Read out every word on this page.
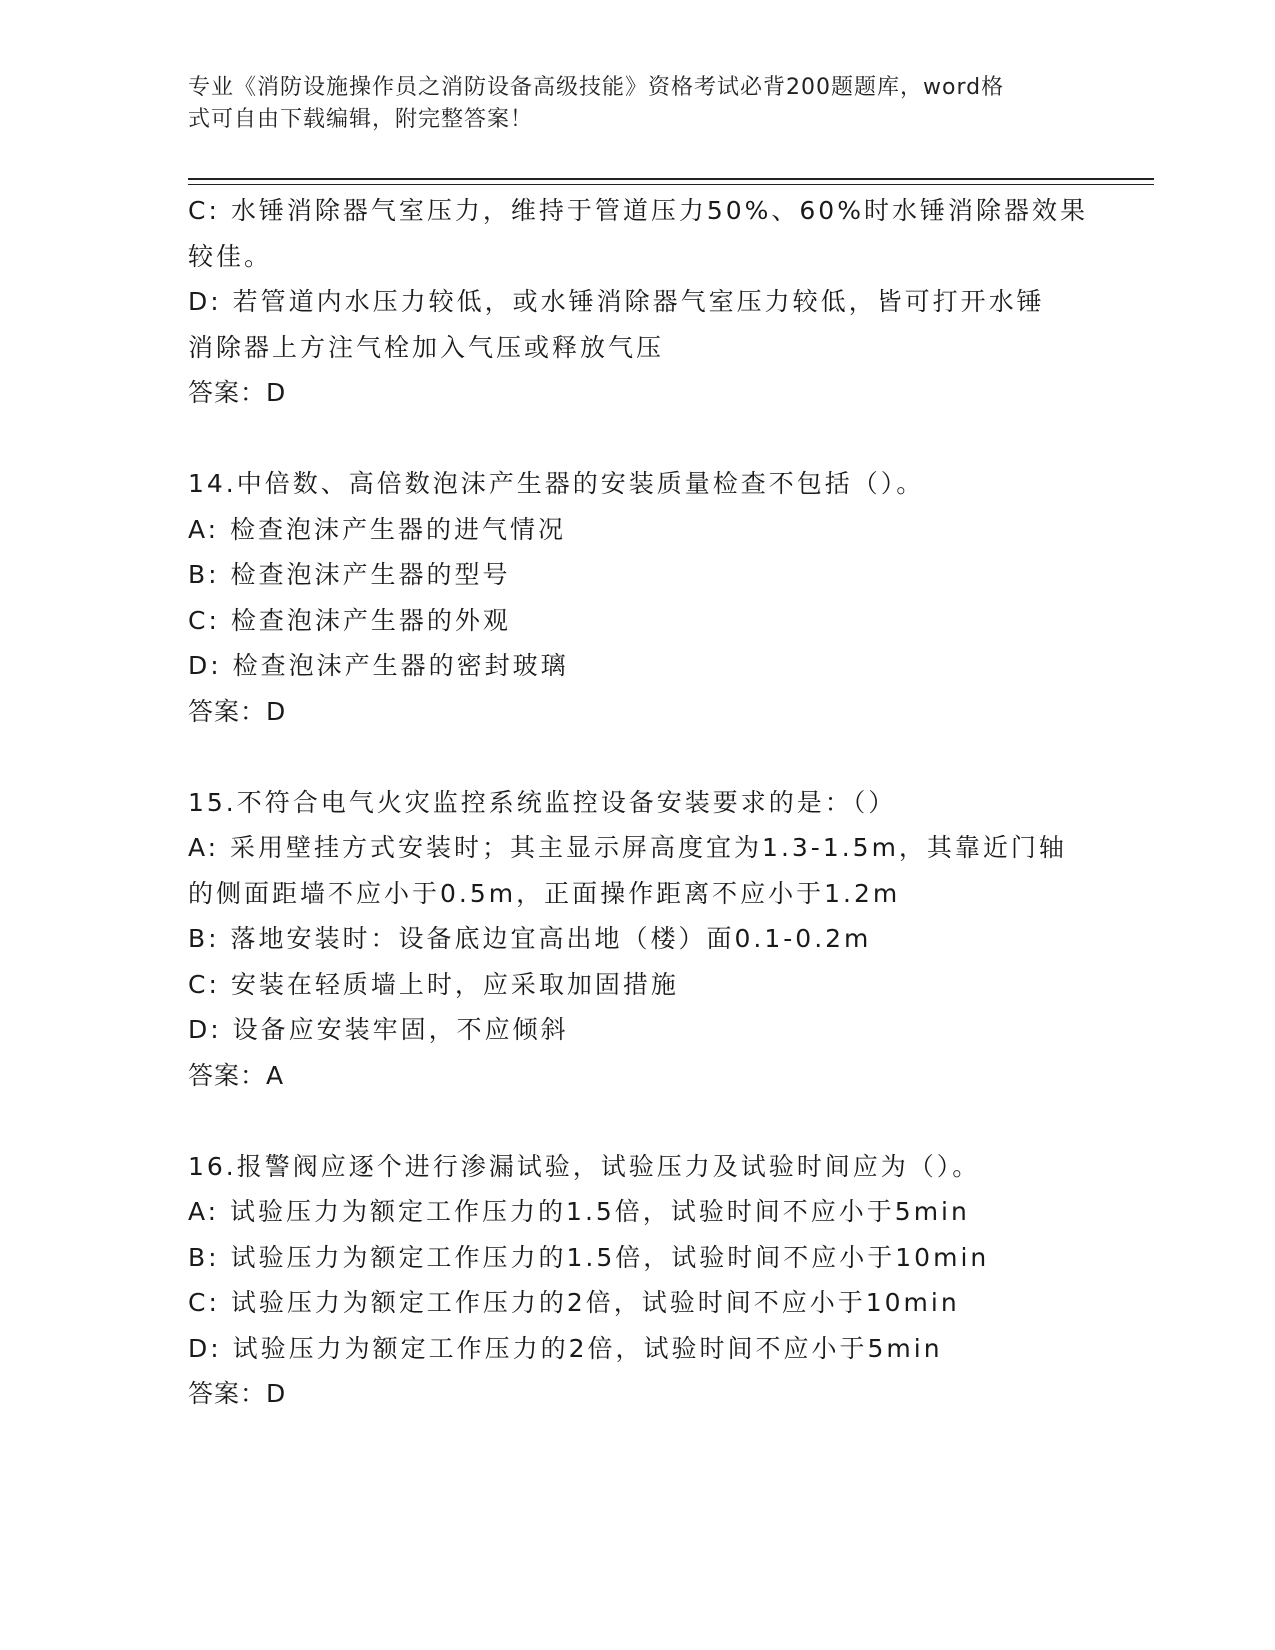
专业《消防设施操作员之消防设备高级技能》资格考试必背200题题库，word格
式可自由下载编辑，附完整答案！
C: 水锤消除器气室压力，维持于管道压力50%、60%时水锤消除器效果
较佳。
D: 若管道内水压力较低，或水锤消除器气室压力较低，皆可打开水锤
消除器上方注气栓加入气压或释放气压
答案：D
14.中倍数、高倍数泡沫产生器的安装质量检查不包括（）。
A: 检查泡沫产生器的进气情况
B: 检查泡沫产生器的型号
C: 检查泡沫产生器的外观
D: 检查泡沫产生器的密封玻璃
答案：D
15.不符合电气火灾监控系统监控设备安装要求的是：（）
A: 采用壁挂方式安装时；其主显示屏高度宜为1.3-1.5m，其靠近门轴
的侧面距墙不应小于0.5m，正面操作距离不应小于1.2m
B: 落地安装时：设备底边宜高出地（楼）面0.1-0.2m
C: 安装在轻质墙上时，应采取加固措施
D: 设备应安装牢固，不应倾斜
答案：A
16.报警阀应逐个进行渗漏试验，试验压力及试验时间应为（）。
A: 试验压力为额定工作压力的1.5倍，试验时间不应小于5min
B: 试验压力为额定工作压力的1.5倍，试验时间不应小于10min
C: 试验压力为额定工作压力的2倍，试验时间不应小于10min
D: 试验压力为额定工作压力的2倍，试验时间不应小于5min
答案：D
